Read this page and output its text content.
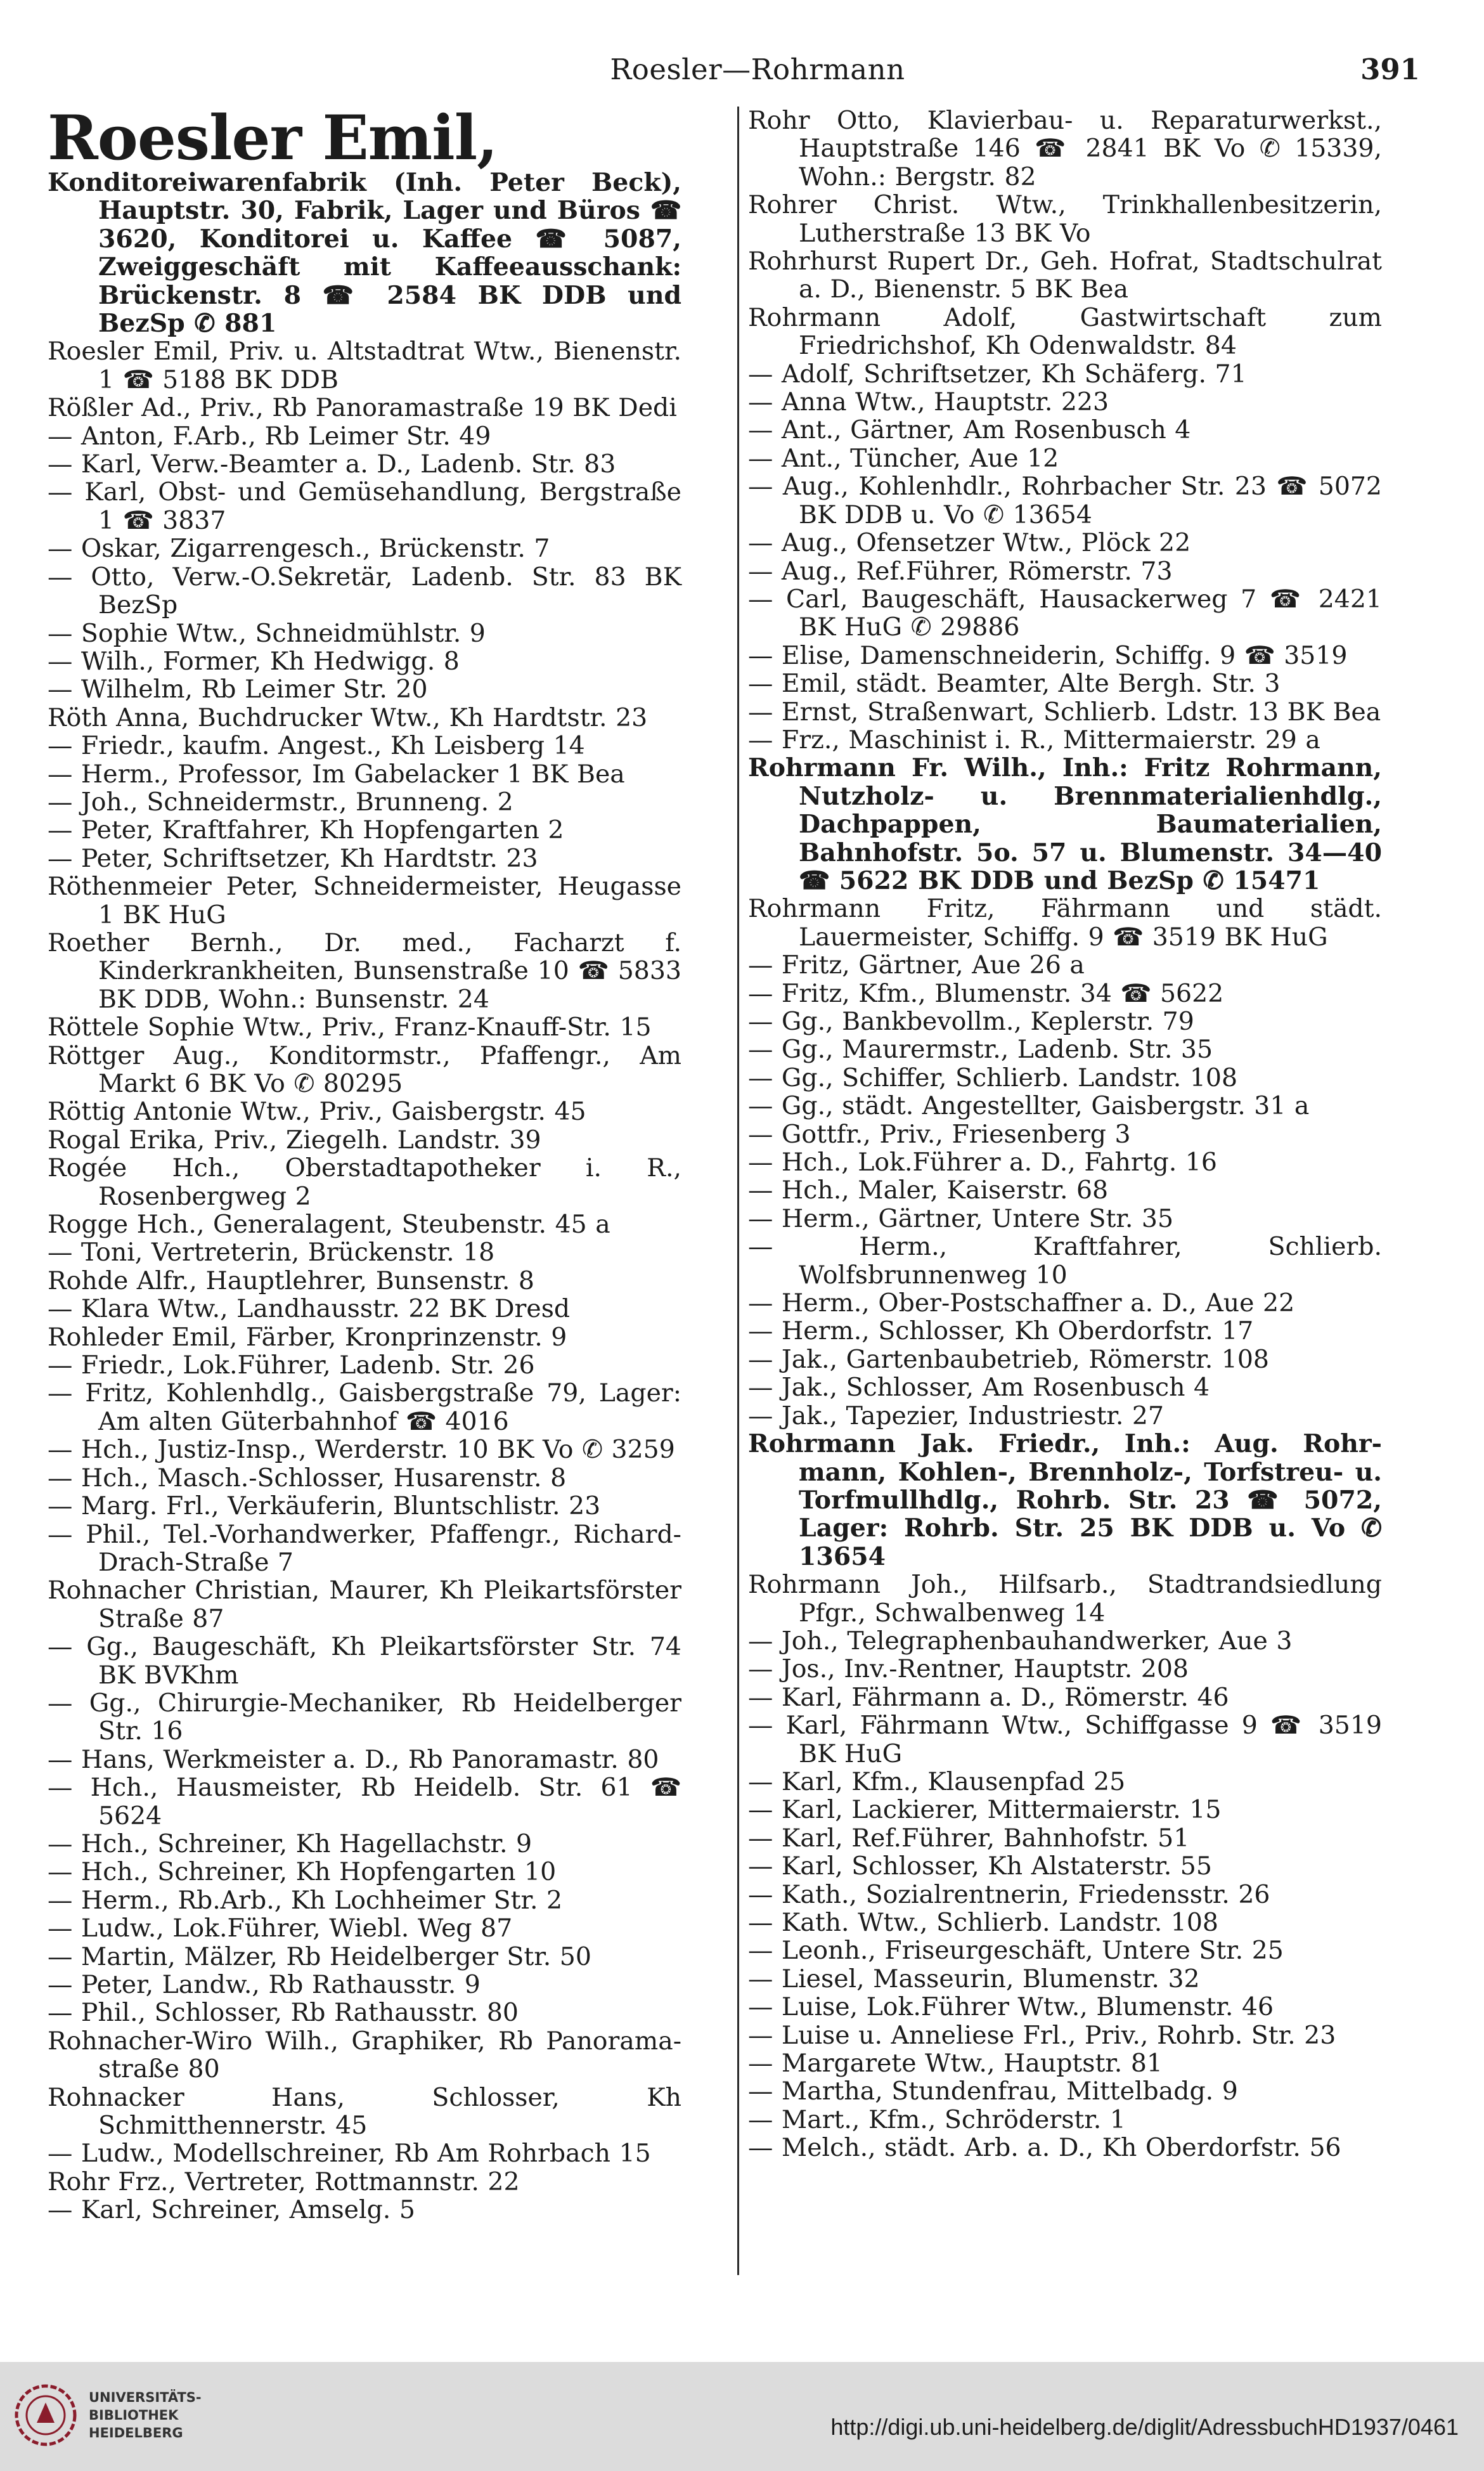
Roesler—Rohrmann	391
Roesler Emil,
Konditoreiwarenfabrik (Inh. Peter Beck), Hauptstr. 30, Fabrik, Lager und Büros ☎ 3620, Konditorei u. Kaffee ☎ 5087, Zweiggeschäft mit Kaffeeausschank: Brückenstr. 8 ☎ 2584 BK DDB und BezSp ✆ 881
Roesler Emil, Priv. u. Altstadtrat Wtw., Bienenstr. 1 ☎ 5188 BK DDB
Rößler Ad., Priv., Rb Panoramastraße 19 BK Dedi
— Anton, F.Arb., Rb Leimer Str. 49
— Karl, Verw.-Beamter a. D., Ladenb. Str. 83
— Karl, Obst- und Gemüsehandlung, Bergstraße 1 ☎ 3837
— Oskar, Zigarrengesch., Brückenstr. 7
— Otto, Verw.-O.Sekretär, Ladenb. Str. 83 BK BezSp
— Sophie Wtw., Schneidmühlstr. 9
— Wilh., Former, Kh Hedwigg. 8
— Wilhelm, Rb Leimer Str. 20
Röth Anna, Buchdrucker Wtw., Kh Hardtstr. 23
— Friedr., kaufm. Angest., Kh Leisberg 14
— Herm., Professor, Im Gabelacker 1 BK Bea
— Joh., Schneidermstr., Brunneng. 2
— Peter, Kraftfahrer, Kh Hopfengarten 2
— Peter, Schriftsetzer, Kh Hardtstr. 23
Röthenmeier Peter, Schneidermeister, Heugasse 1 BK HuG
Roether Bernh., Dr. med., Facharzt f. Kinderkrankheiten, Bunsenstraße 10 ☎ 5833 BK DDB, Wohn.: Bunsenstr. 24
Röttele Sophie Wtw., Priv., Franz-Knauff-Str. 15
Röttger Aug., Konditormstr., Pfaffengr., Am Markt 6 BK Vo ✆ 80295
Röttig Antonie Wtw., Priv., Gaisbergstr. 45
Rogal Erika, Priv., Ziegelh. Landstr. 39
Rogée Hch., Oberstadtapotheker i. R., Rosenbergweg 2
Rogge Hch., Generalagent, Steubenstr. 45 a
— Toni, Vertreterin, Brückenstr. 18
Rohde Alfr., Hauptlehrer, Bunsenstr. 8
— Klara Wtw., Landhausstr. 22 BK Dresd
Rohleder Emil, Färber, Kronprinzenstr. 9
— Friedr., Lok.Führer, Ladenb. Str. 26
— Fritz, Kohlenhdlg., Gaisbergstraße 79, Lager: Am alten Güterbahnhof ☎ 4016
— Hch., Justiz-Insp., Werderstr. 10 BK Vo ✆ 3259
— Hch., Masch.-Schlosser, Husarenstr. 8
— Marg. Frl., Verkäuferin, Bluntschlistr. 23
— Phil., Tel.-Vorhandwerker, Pfaffengr., Richard-Drach-Straße 7
Rohnacher Christian, Maurer, Kh Pleikartsförster Straße 87
— Gg., Baugeschäft, Kh Pleikartsförster Str. 74 BK BVKhm
— Gg., Chirurgie-Mechaniker, Rb Heidelberger Str. 16
— Hans, Werkmeister a. D., Rb Panoramastr. 80
— Hch., Hausmeister, Rb Heidelb. Str. 61 ☎ 5624
— Hch., Schreiner, Kh Hagellachstr. 9
— Hch., Schreiner, Kh Hopfengarten 10
— Herm., Rb.Arb., Kh Lochheimer Str. 2
— Ludw., Lok.Führer, Wiebl. Weg 87
— Martin, Mälzer, Rb Heidelberger Str. 50
— Peter, Landw., Rb Rathausstr. 9
— Phil., Schlosser, Rb Rathausstr. 80
Rohnacher-Wiro Wilh., Graphiker, Rb Panoramastraße 80
Rohnacker Hans, Schlosser, Kh Schmitthennerstr. 45
— Ludw., Modellschreiner, Rb Am Rohrbach 15
Rohr Frz., Vertreter, Rottmannstr. 22
— Karl, Schreiner, Amselg. 5
Rohr Otto, Klavierbau- u. Reparaturwerkst., Hauptstraße 146 ☎ 2841 BK Vo ✆ 15339, Wohn.: Bergstr. 82
Rohrer Christ. Wtw., Trinkhallenbesitzerin, Lutherstraße 13 BK Vo
Rohrhurst Rupert Dr., Geh. Hofrat, Stadtschulrat a. D., Bienenstr. 5 BK Bea
Rohrmann Adolf, Gastwirtschaft zum Friedrichshof, Kh Odenwaldstr. 84
— Adolf, Schriftsetzer, Kh Schäferg. 71
— Anna Wtw., Hauptstr. 223
— Ant., Gärtner, Am Rosenbusch 4
— Ant., Tüncher, Aue 12
— Aug., Kohlenhdlr., Rohrbacher Str. 23 ☎ 5072 BK DDB u. Vo ✆ 13654
— Aug., Ofensetzer Wtw., Plöck 22
— Aug., Ref.Führer, Römerstr. 73
— Carl, Baugeschäft, Hausackerweg 7 ☎ 2421 BK HuG ✆ 29886
— Elise, Damenschneiderin, Schiffg. 9 ☎ 3519
— Emil, städt. Beamter, Alte Bergh. Str. 3
— Ernst, Straßenwart, Schlierb. Ldstr. 13 BK Bea
— Frz., Maschinist i. R., Mittermaierstr. 29 a
Rohrmann Fr. Wilh., Inh.: Fritz Rohrmann, Nutzholz- u. Brennmaterialienhdlg., Dachpappen, Baumaterialien, Bahnhofstr. 5o. 57 u. Blumenstr. 34—40 ☎ 5622 BK DDB und BezSp ✆ 15471
Rohrmann Fritz, Fährmann und städt. Lauermeister, Schiffg. 9 ☎ 3519 BK HuG
— Fritz, Gärtner, Aue 26 a
— Fritz, Kfm., Blumenstr. 34 ☎ 5622
— Gg., Bankbevollm., Keplerstr. 79
— Gg., Maurermstr., Ladenb. Str. 35
— Gg., Schiffer, Schlierb. Landstr. 108
— Gg., städt. Angestellter, Gaisbergstr. 31 a
— Gottfr., Priv., Friesenberg 3
— Hch., Lok.Führer a. D., Fahrtg. 16
— Hch., Maler, Kaiserstr. 68
— Herm., Gärtner, Untere Str. 35
— Herm., Kraftfahrer, Schlierb. Wolfsbrunnenweg 10
— Herm., Ober-Postschaffner a. D., Aue 22
— Herm., Schlosser, Kh Oberdorfstr. 17
— Jak., Gartenbaubetrieb, Römerstr. 108
— Jak., Schlosser, Am Rosenbusch 4
— Jak., Tapezier, Industriestr. 27
Rohrmann Jak. Friedr., Inh.: Aug. Rohrmann, Kohlen-, Brennholz-, Torfstreu- u. Torfmullhdlg., Rohrb. Str. 23 ☎ 5072, Lager: Rohrb. Str. 25 BK DDB u. Vo ✆ 13654
Rohrmann Joh., Hilfsarb., Stadtrandsiedlung Pfgr., Schwalbenweg 14
— Joh., Telegraphenbauhandwerker, Aue 3
— Jos., Inv.-Rentner, Hauptstr. 208
— Karl, Fährmann a. D., Römerstr. 46
— Karl, Fährmann Wtw., Schiffgasse 9 ☎ 3519 BK HuG
— Karl, Kfm., Klausenpfad 25
— Karl, Lackierer, Mittermaierstr. 15
— Karl, Ref.Führer, Bahnhofstr. 51
— Karl, Schlosser, Kh Alstaterstr. 55
— Kath., Sozialrentnerin, Friedensstr. 26
— Kath. Wtw., Schlierb. Landstr. 108
— Leonh., Friseurgeschäft, Untere Str. 25
— Liesel, Masseurin, Blumenstr. 32
— Luise, Lok.Führer Wtw., Blumenstr. 46
— Luise u. Anneliese Frl., Priv., Rohrb. Str. 23
— Margarete Wtw., Hauptstr. 81
— Martha, Stundenfrau, Mittelbadg. 9
— Mart., Kfm., Schröderstr. 1
— Melch., städt. Arb. a. D., Kh Oberdorfstr. 56
UNIVERSITÄTS-
BIBLIOTHEK
HEIDELBERG	http://digi.ub.uni-heidelberg.de/diglit/AdressbuchHD1937/0461
